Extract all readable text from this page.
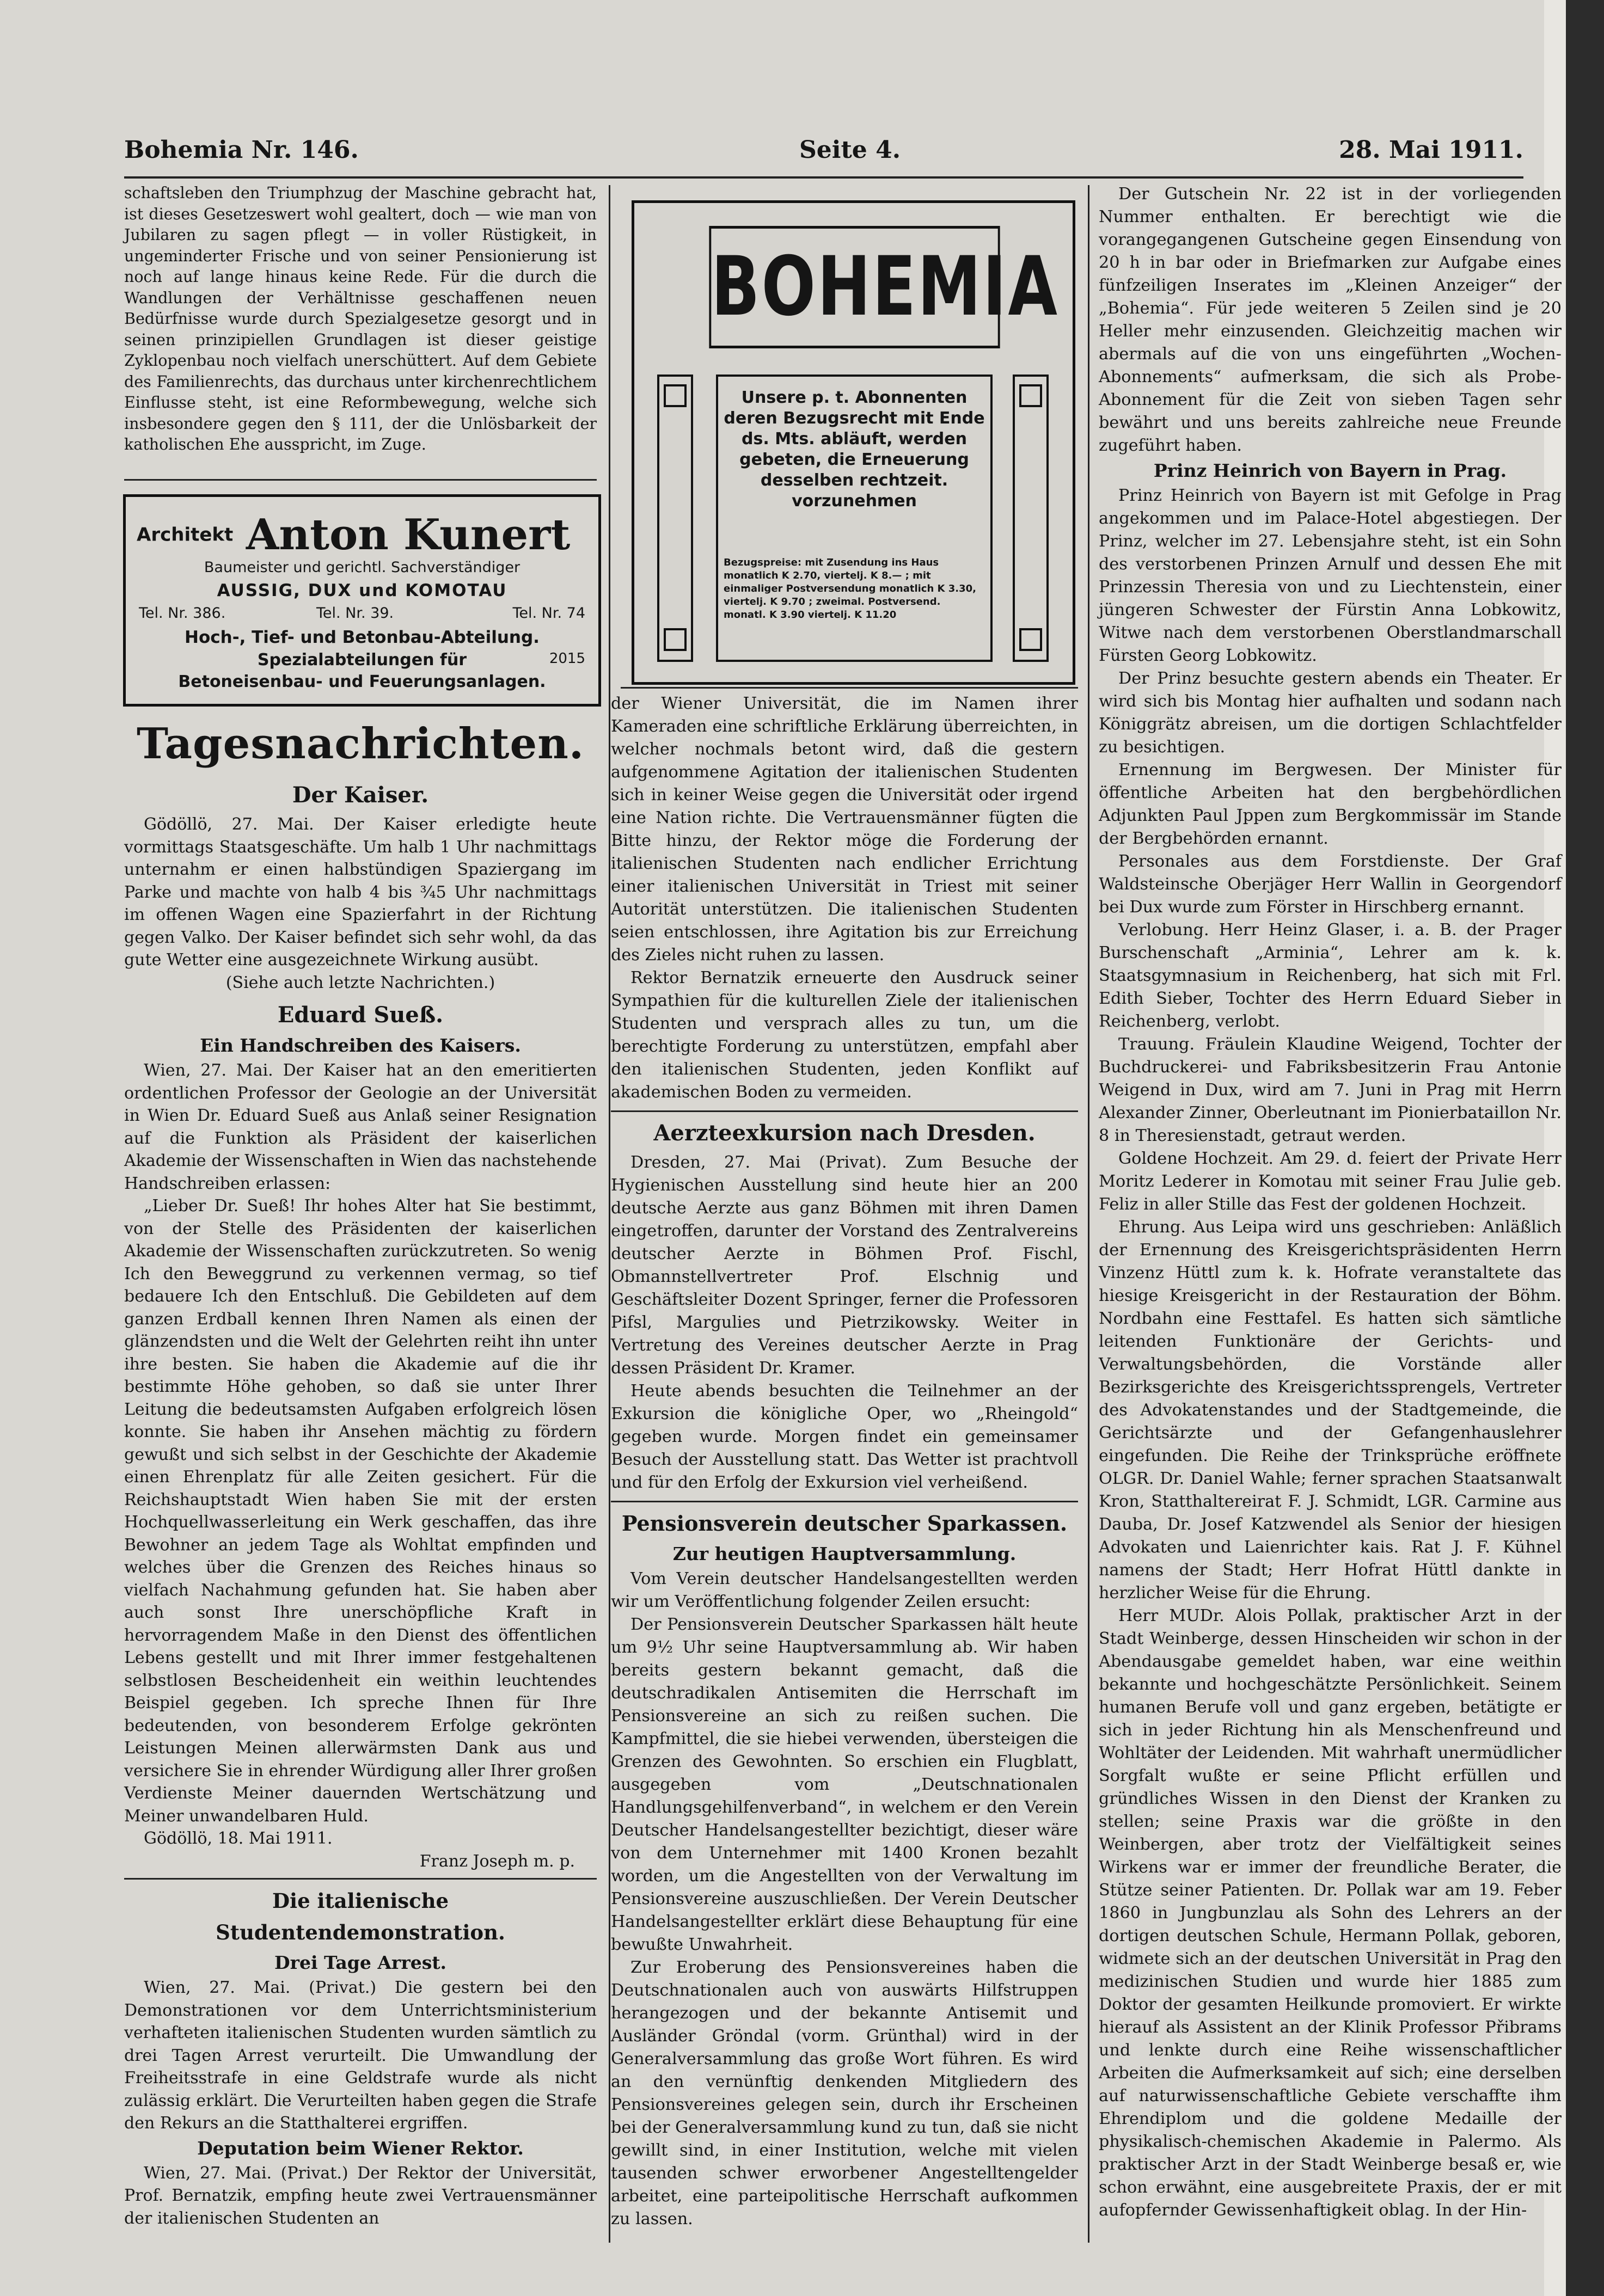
Bohemia Nr. 146.	Seite 4.	28. Mai 1911.

schaftsleben den Triumphzug der Maschine gebracht hat, ist dieses Gesetzeswert wohl gealtert, doch — wie man von Jubilaren zu sagen pflegt — in voller Rüstigkeit, in ungeminderter Frische und von seiner Pensionierung ist noch auf lange hinaus keine Rede. Für die durch die Wandlungen der Verhältnisse geschaffenen neuen Bedürfnisse wurde durch Spezialgesetze gesorgt und in seinen prinzipiellen Grundlagen ist dieser geistige Zyklopenbau noch vielfach unerschüttert. Auf dem Gebiete des Familienrechts, das durchaus unter kirchenrechtlichem Einflusse steht, ist eine Reformbewegung, welche sich insbesondere gegen den § 111, der die Unlösbarkeit der katholischen Ehe ausspricht, im Zuge.

Architekt Anton Kunert
Baumeister und gerichtl. Sachverständiger
AUSSIG, DUX und KOMOTAU
Tel. Nr. 386.	Tel. Nr. 39.	Tel. Nr. 74
Hoch-, Tief- und Betonbau-Abteilung.
Spezialabteilungen für	2015
Betoneisenbau- und Feuerungsanlagen.
Tagesnachrichten.
Der Kaiser.

Gödöllö, 27. Mai. Der Kaiser erledigte heute vormittags Staatsgeschäfte. Um halb 1 Uhr nachmittags unternahm er einen halbstündigen Spaziergang im Parke und machte von halb 4 bis ¾5 Uhr nachmittags im offenen Wagen eine Spazierfahrt in der Richtung gegen Valko. Der Kaiser befindet sich sehr wohl, da das gute Wetter eine ausgezeichnete Wirkung ausübt.

(Siehe auch letzte Nachrichten.)

Eduard Sueß.
Ein Handschreiben des Kaisers.

Wien, 27. Mai. Der Kaiser hat an den emeritierten ordentlichen Professor der Geologie an der Universität in Wien Dr. Eduard Sueß aus Anlaß seiner Resignation auf die Funktion als Präsident der kaiserlichen Akademie der Wissenschaften in Wien das nachstehende Handschreiben erlassen:

„Lieber Dr. Sueß! Ihr hohes Alter hat Sie bestimmt, von der Stelle des Präsidenten der kaiserlichen Akademie der Wissenschaften zurückzutreten. So wenig Ich den Beweggrund zu verkennen vermag, so tief bedauere Ich den Entschluß. Die Gebildeten auf dem ganzen Erdball kennen Ihren Namen als einen der glänzendsten und die Welt der Gelehrten reiht ihn unter ihre besten. Sie haben die Akademie auf die ihr bestimmte Höhe gehoben, so daß sie unter Ihrer Leitung die bedeutsamsten Aufgaben erfolgreich lösen konnte. Sie haben ihr Ansehen mächtig zu fördern gewußt und sich selbst in der Geschichte der Akademie einen Ehrenplatz für alle Zeiten gesichert. Für die Reichshauptstadt Wien haben Sie mit der ersten Hochquellwasserleitung ein Werk geschaffen, das ihre Bewohner an jedem Tage als Wohltat empfinden und welches über die Grenzen des Reiches hinaus so vielfach Nachahmung gefunden hat. Sie haben aber auch sonst Ihre unerschöpfliche Kraft in hervorragendem Maße in den Dienst des öffentlichen Lebens gestellt und mit Ihrer immer festgehaltenen selbstlosen Bescheidenheit ein weithin leuchtendes Beispiel gegeben. Ich spreche Ihnen für Ihre bedeutenden, von besonderem Erfolge gekrönten Leistungen Meinen allerwärmsten Dank aus und versichere Sie in ehrender Würdigung aller Ihrer großen Verdienste Meiner dauernden Wertschätzung und Meiner unwandelbaren Huld.

Gödöllö, 18. Mai 1911.

Franz Joseph m. p.

Die italienische Studentendemonstration.
Drei Tage Arrest.

Wien, 27. Mai. (Privat.) Die gestern bei den Demonstrationen vor dem Unterrichtsministerium verhafteten italienischen Studenten wurden sämtlich zu drei Tagen Arrest verurteilt. Die Umwandlung der Freiheitsstrafe in eine Geldstrafe wurde als nicht zulässig erklärt. Die Verurteilten haben gegen die Strafe den Rekurs an die Statthalterei ergriffen.

Deputation beim Wiener Rektor.

Wien, 27. Mai. (Privat.) Der Rektor der Universität, Prof. Bernatzik, empfing heute zwei Vertrauensmänner der italienischen Studenten an

BOHEMIA
Unsere p. t. Abonnenten deren Bezugsrecht mit Ende ds. Mts. abläuft, werden gebeten, die Erneuerung desselben rechtzeit. vorzunehmen
Bezugspreise: mit Zusendung ins Haus monatlich K 2.70, viertelj. K 8.— ; mit einmaliger Postversendung monatlich K 3.30, viertelj. K 9.70 ; zweimal. Postversend. monatl. K 3.90 viertelj. K 11.20

der Wiener Universität, die im Namen ihrer Kameraden eine schriftliche Erklärung überreichten, in welcher nochmals betont wird, daß die gestern aufgenommene Agitation der italienischen Studenten sich in keiner Weise gegen die Universität oder irgend eine Nation richte. Die Vertrauensmänner fügten die Bitte hinzu, der Rektor möge die Forderung der italienischen Studenten nach endlicher Errichtung einer italienischen Universität in Triest mit seiner Autorität unterstützen. Die italienischen Studenten seien entschlossen, ihre Agitation bis zur Erreichung des Zieles nicht ruhen zu lassen.

Rektor Bernatzik erneuerte den Ausdruck seiner Sympathien für die kulturellen Ziele der italienischen Studenten und versprach alles zu tun, um die berechtigte Forderung zu unterstützen, empfahl aber den italienischen Studenten, jeden Konflikt auf akademischen Boden zu vermeiden.

Aerzteexkursion nach Dresden.

Dresden, 27. Mai (Privat). Zum Besuche der Hygienischen Ausstellung sind heute hier an 200 deutsche Aerzte aus ganz Böhmen mit ihren Damen eingetroffen, darunter der Vorstand des Zentralvereins deutscher Aerzte in Böhmen Prof. Fischl, Obmannstellvertreter Prof. Elschnig und Geschäftsleiter Dozent Springer, ferner die Professoren Pifsl, Margulies und Pietrzikowsky. Weiter in Vertretung des Vereines deutscher Aerzte in Prag dessen Präsident Dr. Kramer.

Heute abends besuchten die Teilnehmer an der Exkursion die königliche Oper, wo „Rheingold“ gegeben wurde. Morgen findet ein gemeinsamer Besuch der Ausstellung statt. Das Wetter ist prachtvoll und für den Erfolg der Exkursion viel verheißend.

Pensionsverein deutscher Sparkassen.
Zur heutigen Hauptversammlung.

Vom Verein deutscher Handelsangestellten werden wir um Veröffentlichung folgender Zeilen ersucht:

Der Pensionsverein Deutscher Sparkassen hält heute um 9½ Uhr seine Hauptversammlung ab. Wir haben bereits gestern bekannt gemacht, daß die deutschradikalen Antisemiten die Herrschaft im Pensionsvereine an sich zu reißen suchen. Die Kampfmittel, die sie hiebei verwenden, übersteigen die Grenzen des Gewohnten. So erschien ein Flugblatt, ausgegeben vom „Deutschnationalen Handlungsgehilfenverband“, in welchem er den Verein Deutscher Handelsangestellter bezichtigt, dieser wäre von dem Unternehmer mit 1400 Kronen bezahlt worden, um die Angestellten von der Verwaltung im Pensionsvereine auszuschließen. Der Verein Deutscher Handelsangestellter erklärt diese Behauptung für eine bewußte Unwahrheit.

Zur Eroberung des Pensionsvereines haben die Deutschnationalen auch von auswärts Hilfstruppen herangezogen und der bekannte Antisemit und Ausländer Gröndal (vorm. Grünthal) wird in der Generalversammlung das große Wort führen. Es wird an den vernünftig denkenden Mitgliedern des Pensionsvereines gelegen sein, durch ihr Erscheinen bei der Generalversammlung kund zu tun, daß sie nicht gewillt sind, in einer Institution, welche mit vielen tausenden schwer erworbener Angestelltengelder arbeitet, eine parteipolitische Herrschaft aufkommen zu lassen.

Der Gutschein Nr. 22 ist in der vorliegenden Nummer enthalten. Er berechtigt wie die vorangegangenen Gutscheine gegen Einsendung von 20 h in bar oder in Briefmarken zur Aufgabe eines fünfzeiligen Inserates im „Kleinen Anzeiger“ der „Bohemia“. Für jede weiteren 5 Zeilen sind je 20 Heller mehr einzusenden. Gleichzeitig machen wir abermals auf die von uns eingeführten „Wochen-Abonnements“ aufmerksam, die sich als Probe-Abonnement für die Zeit von sieben Tagen sehr bewährt und uns bereits zahlreiche neue Freunde zugeführt haben.

Prinz Heinrich von Bayern in Prag.

Prinz Heinrich von Bayern ist mit Gefolge in Prag angekommen und im Palace-Hotel abgestiegen. Der Prinz, welcher im 27. Lebensjahre steht, ist ein Sohn des verstorbenen Prinzen Arnulf und dessen Ehe mit Prinzessin Theresia von und zu Liechtenstein, einer jüngeren Schwester der Fürstin Anna Lobkowitz, Witwe nach dem verstorbenen Oberstlandmarschall Fürsten Georg Lobkowitz.

Der Prinz besuchte gestern abends ein Theater. Er wird sich bis Montag hier aufhalten und sodann nach Königgrätz abreisen, um die dortigen Schlachtfelder zu besichtigen.

Ernennung im Bergwesen. Der Minister für öffentliche Arbeiten hat den bergbehördlichen Adjunkten Paul Jppen zum Bergkommissär im Stande der Bergbehörden ernannt.

Personales aus dem Forstdienste. Der Graf Waldsteinsche Oberjäger Herr Wallin in Georgendorf bei Dux wurde zum Förster in Hirschberg ernannt.

Verlobung. Herr Heinz Glaser, i. a. B. der Prager Burschenschaft „Arminia“, Lehrer am k. k. Staatsgymnasium in Reichenberg, hat sich mit Frl. Edith Sieber, Tochter des Herrn Eduard Sieber in Reichenberg, verlobt.

Trauung. Fräulein Klaudine Weigend, Tochter der Buchdruckerei- und Fabriksbesitzerin Frau Antonie Weigend in Dux, wird am 7. Juni in Prag mit Herrn Alexander Zinner, Oberleutnant im Pionierbataillon Nr. 8 in Theresienstadt, getraut werden.

Goldene Hochzeit. Am 29. d. feiert der Private Herr Moritz Lederer in Komotau mit seiner Frau Julie geb. Feliz in aller Stille das Fest der goldenen Hochzeit.

Ehrung. Aus Leipa wird uns geschrieben: Anläßlich der Ernennung des Kreisgerichtspräsidenten Herrn Vinzenz Hüttl zum k. k. Hofrate veranstaltete das hiesige Kreisgericht in der Restauration der Böhm. Nordbahn eine Festtafel. Es hatten sich sämtliche leitenden Funktionäre der Gerichts- und Verwaltungsbehörden, die Vorstände aller Bezirksgerichte des Kreisgerichtssprengels, Vertreter des Advokatenstandes und der Stadtgemeinde, die Gerichtsärzte und der Gefangenhauslehrer eingefunden. Die Reihe der Trinksprüche eröffnete OLGR. Dr. Daniel Wahle; ferner sprachen Staatsanwalt Kron, Statthaltereirat F. J. Schmidt, LGR. Carmine aus Dauba, Dr. Josef Katzwendel als Senior der hiesigen Advokaten und Laienrichter kais. Rat J. F. Kühnel namens der Stadt; Herr Hofrat Hüttl dankte in herzlicher Weise für die Ehrung.

Herr MUDr. Alois Pollak, praktischer Arzt in der Stadt Weinberge, dessen Hinscheiden wir schon in der Abendausgabe gemeldet haben, war eine weithin bekannte und hochgeschätzte Persönlichkeit. Seinem humanen Berufe voll und ganz ergeben, betätigte er sich in jeder Richtung hin als Menschenfreund und Wohltäter der Leidenden. Mit wahrhaft unermüdlicher Sorgfalt wußte er seine Pflicht erfüllen und gründliches Wissen in den Dienst der Kranken zu stellen; seine Praxis war die größte in den Weinbergen, aber trotz der Vielfältigkeit seines Wirkens war er immer der freundliche Berater, die Stütze seiner Patienten. Dr. Pollak war am 19. Feber 1860 in Jungbunzlau als Sohn des Lehrers an der dortigen deutschen Schule, Hermann Pollak, geboren, widmete sich an der deutschen Universität in Prag den medizinischen Studien und wurde hier 1885 zum Doktor der gesamten Heilkunde promoviert. Er wirkte hierauf als Assistent an der Klinik Professor Přibrams und lenkte durch eine Reihe wissenschaftlicher Arbeiten die Aufmerksamkeit auf sich; eine derselben auf naturwissenschaftliche Gebiete verschaffte ihm Ehrendiplom und die goldene Medaille der physikalisch-chemischen Akademie in Palermo. Als praktischer Arzt in der Stadt Weinberge besaß er, wie schon erwähnt, eine ausgebreitete Praxis, der er mit aufopfernder Gewissenhaftigkeit oblag. In der Hin-
